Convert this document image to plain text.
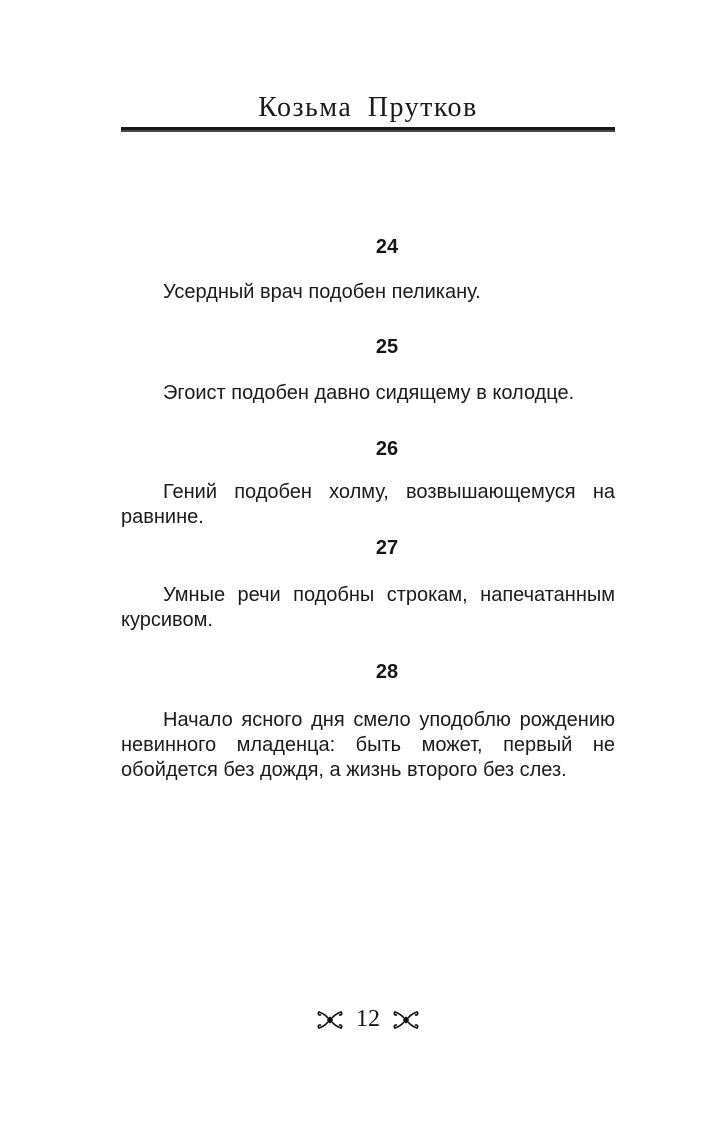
Козьма Прутков
24
Усердный врач подобен пеликану.
25
Эгоист подобен давно сидящему в колодце.
26
Гений подобен холму, возвышающемуся на равнине.
27
Умные речи подобны строкам, напечатанным курсивом.
28
Начало ясного дня смело уподоблю рождению невинного младенца: быть может, первый не обойдется без дождя, а жизнь второго без слез.
12
